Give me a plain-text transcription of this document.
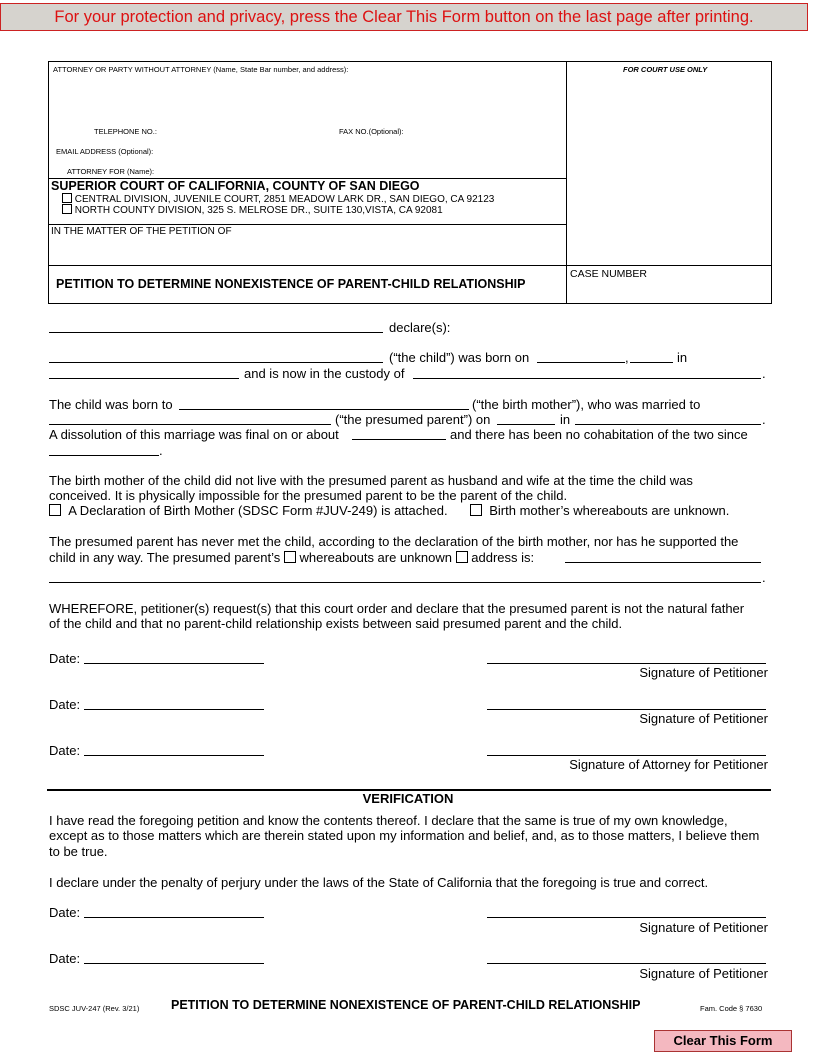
For your protection and privacy, press the Clear This Form button on the last page after printing.
ATTORNEY OR PARTY WITHOUT ATTORNEY (Name, State Bar number, and address):	FOR COURT USE ONLY
TELEPHONE NO.:	FAX NO.(Optional):
EMAIL ADDRESS (Optional):
ATTORNEY FOR (Name):
SUPERIOR COURT OF CALIFORNIA, COUNTY OF SAN DIEGO
CENTRAL DIVISION, JUVENILE COURT, 2851 MEADOW LARK DR., SAN DIEGO, CA 92123
NORTH COUNTY DIVISION, 325 S. MELROSE DR., SUITE 130,VISTA, CA 92081
IN THE MATTER OF THE PETITION OF
PETITION TO DETERMINE NONEXISTENCE OF PARENT-CHILD RELATIONSHIP
CASE NUMBER
declare(s):
(“the child”) was born on	,	in
and is now in the custody of	.
The child was born to	(“the birth mother”), who was married to
(“the presumed parent”) on	in	.
A dissolution of this marriage was final on or about	and there has been no cohabitation of the two since
.
The birth mother of the child did not live with the presumed parent as husband and wife at the time the child was
conceived. It is physically impossible for the presumed parent to be the parent of the child.
A Declaration of Birth Mother (SDSC Form #JUV-249) is attached.	Birth mother’s whereabouts are unknown.
The presumed parent has never met the child, according to the declaration of the birth mother, nor has he supported the
child in any way. The presumed parent’s whereabouts are unknown address is:
.
WHEREFORE, petitioner(s) request(s) that this court order and declare that the presumed parent is not the natural father
of the child and that no parent-child relationship exists between said presumed parent and the child.
Date:
Signature of Petitioner
Date:
Signature of Petitioner
Date:
Signature of Attorney for Petitioner
VERIFICATION
I have read the foregoing petition and know the contents thereof. I declare that the same is true of my own knowledge,
except as to those matters which are therein stated upon my information and belief, and, as to those matters, I believe them
to be true.
I declare under the penalty of perjury under the laws of the State of California that the foregoing is true and correct.
Date:
Signature of Petitioner
Date:
Signature of Petitioner
SDSC JUV-247 (Rev. 3/21)	PETITION TO DETERMINE NONEXISTENCE OF PARENT-CHILD RELATIONSHIP	Fam. Code § 7630
Clear This Form
